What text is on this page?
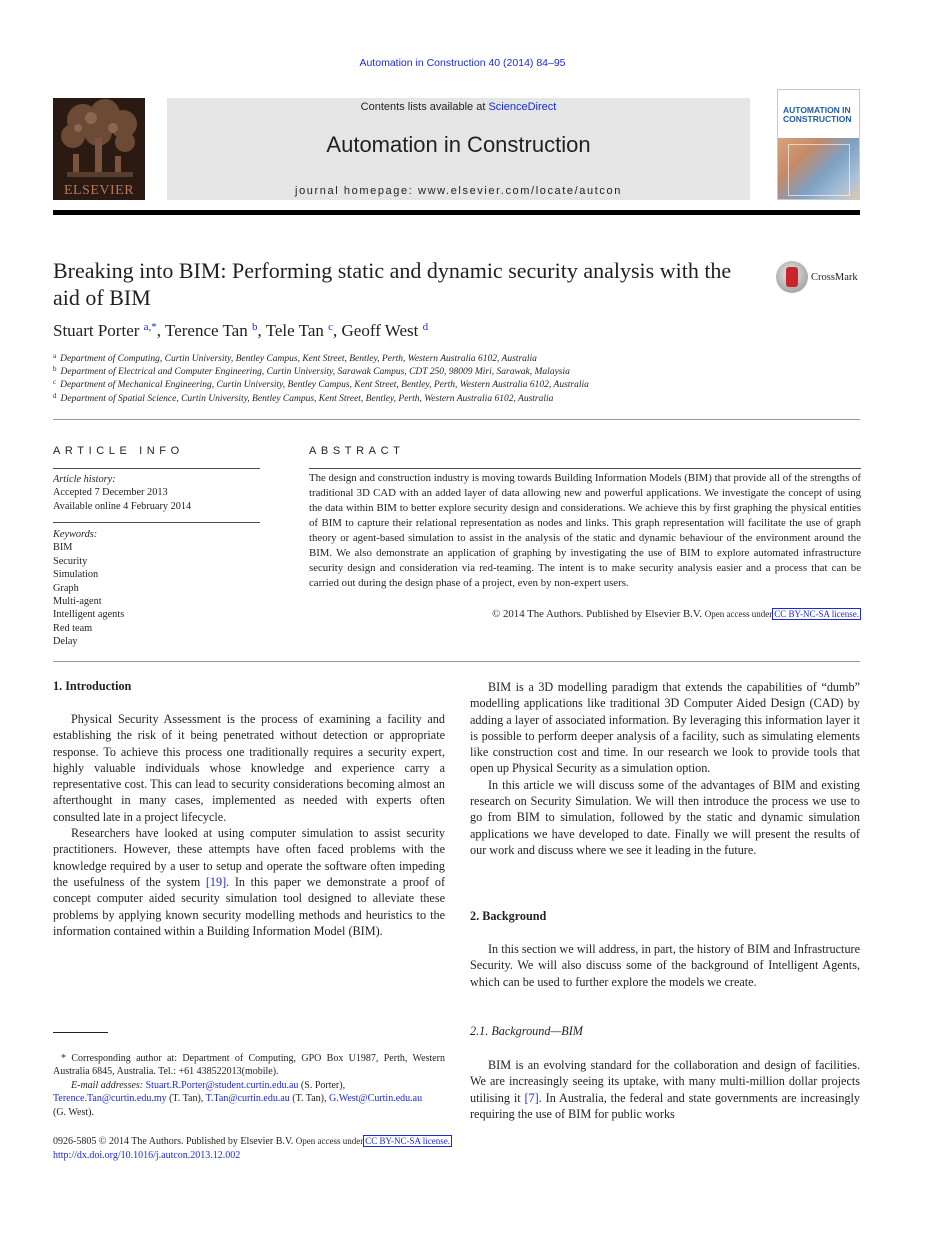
Automation in Construction 40 (2014) 84–95
ELSEVIER
Contents lists available at ScienceDirect
Automation in Construction
journal homepage: www.elsevier.com/locate/autcon
AUTOMATION IN CONSTRUCTION
Breaking into BIM: Performing static and dynamic security analysis with the aid of BIM
CrossMark
Stuart Porter $^{a,*}$, Terence Tan $^b$, Tele Tan $^c$, Geoff West $^d$
$^a$ Department of Computing, Curtin University, Bentley Campus, Kent Street, Bentley, Perth, Western Australia 6102, Australia
$^b$ Department of Electrical and Computer Engineering, Curtin University, Sarawak Campus, CDT 250, 98009 Miri, Sarawak, Malaysia
$^c$ Department of Mechanical Engineering, Curtin University, Bentley Campus, Kent Street, Bentley, Perth, Western Australia 6102, Australia
$^d$ Department of Spatial Science, Curtin University, Bentley Campus, Kent Street, Bentley, Perth, Western Australia 6102, Australia
ARTICLE INFO
Article history:
Accepted 7 December 2013
Available online 4 February 2014
Keywords:
BIM
Security
Simulation
Graph
Multi-agent
Intelligent agents
Red team
Delay
ABSTRACT
The design and construction industry is moving towards Building Information Models (BIM) that provide all of the strengths of traditional 3D CAD with an added layer of data allowing new and powerful applications. We investigate the concept of using the data within BIM to better explore security design and considerations. We achieve this by first graphing the physical entities of BIM to capture their relational representation as nodes and links. This graph representation will facilitate the use of graph theory or agent-based simulation to assist in the analysis of the static and dynamic behaviour of the environment around the BIM. We also demonstrate an application of graphing by investigating the use of BIM to explore automated infrastructure security design and consideration via red-teaming. The intent is to make security analysis easier and a process that can be carried out during the design phase of a project, even by non-expert users.
© 2014 The Authors. Published by Elsevier B.V. Open access under CC BY-NC-SA license.
1. Introduction

Physical Security Assessment is the process of examining a facility and establishing the risk of it being penetrated without detection or appropriate response. To achieve this process one traditionally requires a security expert, highly valuable individuals whose knowledge and experience carry a representative cost. This can lead to security considerations becoming almost an afterthought in many cases, implemented as needed with experts often consulted late in a project lifecycle.

Researchers have looked at using computer simulation to assist security practitioners. However, these attempts have often faced problems with the knowledge required by a user to setup and operate the software often impeding the usefulness of the system [19]. In this paper we demonstrate a proof of concept computer aided security simulation tool designed to alleviate these problems by applying known security modelling methods and heuristics to the information contained within a Building Information Model (BIM).

* Corresponding author at: Department of Computing, GPO Box U1987, Perth, Western Australia 6845, Australia. Tel.: +61 438522013(mobile).
E-mail addresses: Stuart.R.Porter@student.curtin.edu.au (S. Porter),
Terence.Tan@curtin.edu.my (T. Tan), T.Tan@curtin.edu.au (T. Tan), G.West@Curtin.edu.au
(G. West).

BIM is a 3D modelling paradigm that extends the capabilities of “dumb” modelling applications like traditional 3D Computer Aided Design (CAD) by adding a layer of associated information. By leveraging this information layer it is possible to perform deeper analysis of a facility, such as simulating elements like construction cost and time. In our research we look to provide tools that open up Physical Security as a simulation option.

In this article we will discuss some of the advantages of BIM and existing research on Security Simulation. We will then introduce the process we use to go from BIM to simulation, followed by the static and dynamic simulation applications we have developed to date. Finally we will present the results of our work and discuss where we see it leading in the future.

2. Background

In this section we will address, in part, the history of BIM and Infrastructure Security. We will also discuss some of the background of Intelligent Agents, which can be used to further explore the models we create.

2.1. Background—BIM

BIM is an evolving standard for the collaboration and design of facilities. We are increasingly seeing its uptake, with many multi-million dollar projects utilising it [7]. In Australia, the federal and state governments are increasingly requiring the use of BIM for public works

0926-5805 © 2014 The Authors. Published by Elsevier B.V. Open access under CC BY-NC-SA license.
http://dx.doi.org/10.1016/j.autcon.2013.12.002
